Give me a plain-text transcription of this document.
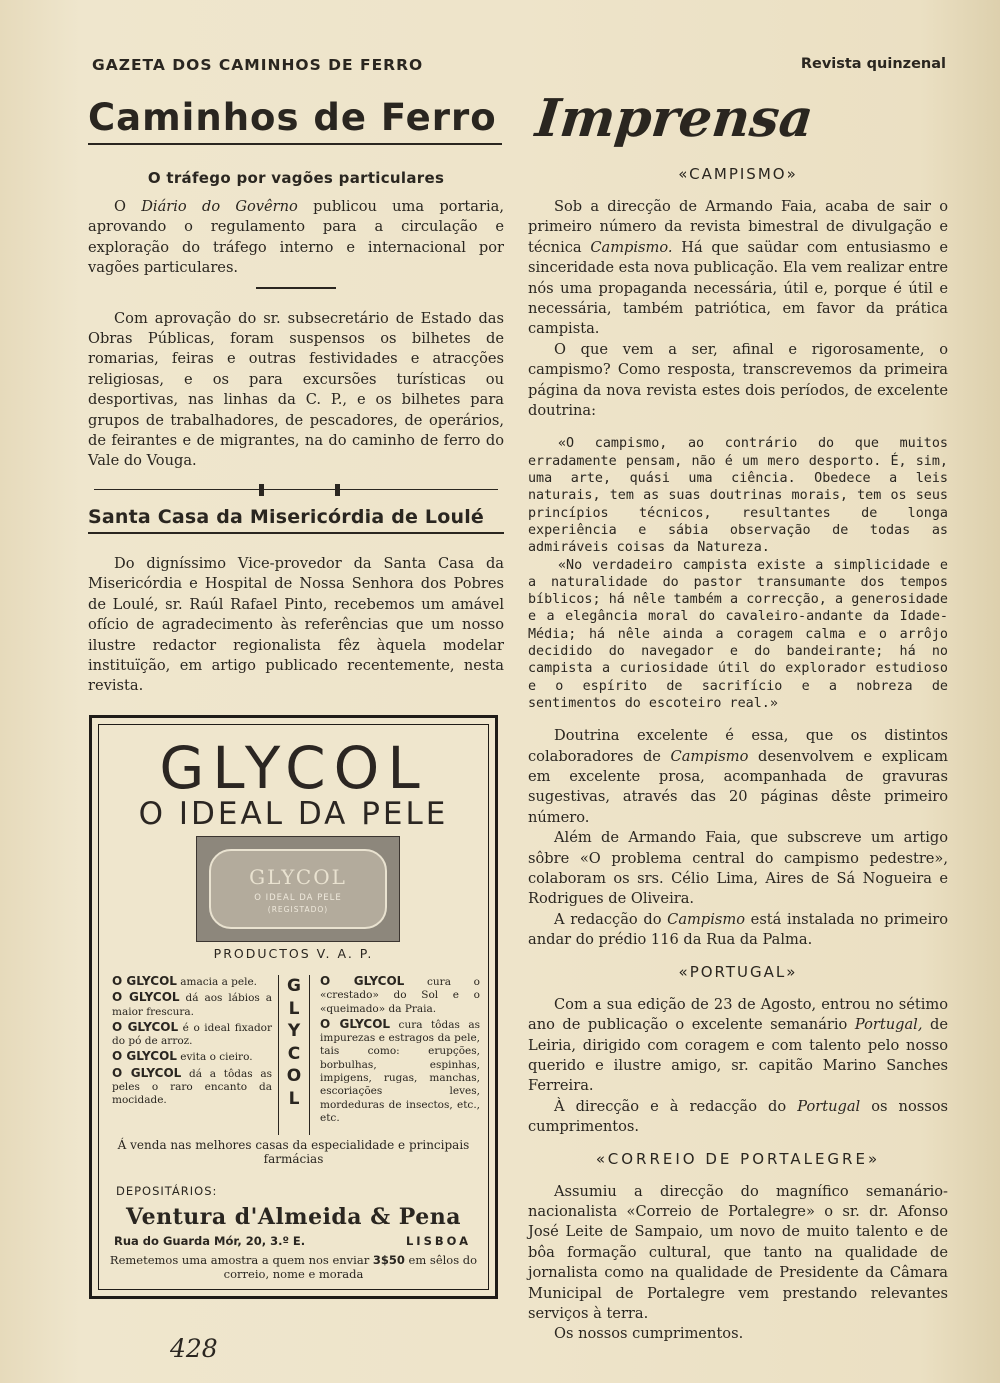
GAZETA DOS CAMINHOS DE FERRO	Revista quinzenal
Caminhos de Ferro
O tráfego por vagões particulares

O Diário do Govêrno publicou uma portaria, aprovando o regulamento para a circulação e exploração do tráfego interno e internacional por vagões particulares.

Com aprovação do sr. subsecretário de Estado das Obras Públicas, foram suspensos os bilhetes de romarias, feiras e outras festividades e atracções religiosas, e os para excursões turísticas ou desportivas, nas linhas da C. P., e os bilhetes para grupos de trabalhadores, de pescadores, de operários, de feirantes e de migrantes, na do caminho de ferro do Vale do Vouga.

Santa Casa da Misericórdia de Loulé

Do digníssimo Vice-provedor da Santa Casa da Misericórdia e Hospital de Nossa Senhora dos Pobres de Loulé, sr. Raúl Rafael Pinto, recebemos um amável ofício de agradecimento às referências que um nosso ilustre redactor regionalista fêz àquela modelar instituïção, em artigo publicado recentemente, nesta revista.

GLYCOL
O IDEAL DA PELE
GLYCOL
O IDEAL DA PELE
(REGISTADO)
PRODUCTOS V. A. P.

O GLYCOL amacia a pele.

O GLYCOL dá aos lábios a maior frescura.

O GLYCOL é o ideal fixador do pó de arroz.

O GLYCOL evita o cieiro.

O GLYCOL dá a tôdas as peles o raro encanto da mocidade.

G
L
Y
C
O
L

O GLYCOL cura o «crestado» do Sol e o «queimado» da Praia.

O GLYCOL cura tôdas as impurezas e estragos da pele, tais como: erupções, borbulhas, espinhas, impigens, rugas, manchas, escoriações leves, mordeduras de insectos, etc., etc.

Á venda nas melhores casas da especialidade e principais farmácias
DEPOSITÁRIOS:
Ventura d'Almeida & Pena
Rua do Guarda Mór, 20, 3.º E.	LISBOA
Remetemos uma amostra a quem nos enviar 3$50 em sêlos do correio, nome e morada
428
Imprensa
«CAMPISMO»

Sob a direcção de Armando Faia, acaba de sair o primeiro número da revista bimestral de divulgação e técnica Campismo. Há que saüdar com entusiasmo e sinceridade esta nova publicação. Ela vem realizar entre nós uma propaganda necessária, útil e, porque é útil e necessária, também patriótica, em favor da prática campista.

O que vem a ser, afinal e rigorosamente, o campismo? Como resposta, transcrevemos da primeira página da nova revista estes dois períodos, de excelente doutrina:

«O campismo, ao contrário do que muitos erradamente pensam, não é um mero desporto. É, sim, uma arte, quási uma ciência. Obedece a leis naturais, tem as suas doutrinas morais, tem os seus princípios técnicos, resultantes de longa experiência e sábia observação de todas as admiráveis coisas da Natureza.

«No verdadeiro campista existe a simplicidade e a naturalidade do pastor transumante dos tempos bíblicos; há nêle também a correcção, a generosidade e a elegância moral do cavaleiro-andante da Idade-Média; há nêle ainda a coragem calma e o arrôjo decidido do navegador e do bandeirante; há no campista a curiosidade útil do explorador estudioso e o espírito de sacrifício e a nobreza de sentimentos do escoteiro real.»

Doutrina excelente é essa, que os distintos colaboradores de Campismo desenvolvem e explicam em excelente prosa, acompanhada de gravuras sugestivas, através das 20 páginas dêste primeiro número.

Além de Armando Faia, que subscreve um artigo sôbre «O problema central do campismo pedestre», colaboram os srs. Célio Lima, Aires de Sá Nogueira e Rodrigues de Oliveira.

A redacção do Campismo está instalada no primeiro andar do prédio 116 da Rua da Palma.

«PORTUGAL»

Com a sua edição de 23 de Agosto, entrou no sétimo ano de publicação o excelente semanário Portugal, de Leiria, dirigido com coragem e com talento pelo nosso querido e ilustre amigo, sr. capitão Marino Sanches Ferreira.

À direcção e à redacção do Portugal os nossos cumprimentos.

«CORREIO DE PORTALEGRE»

Assumiu a direcção do magnífico semanário-nacionalista «Correio de Portalegre» o sr. dr. Afonso José Leite de Sampaio, um novo de muito talento e de bôa formação cultural, que tanto na qualidade de jornalista como na qualidade de Presidente da Câmara Municipal de Portalegre vem prestando relevantes serviços à terra.

Os nossos cumprimentos.
